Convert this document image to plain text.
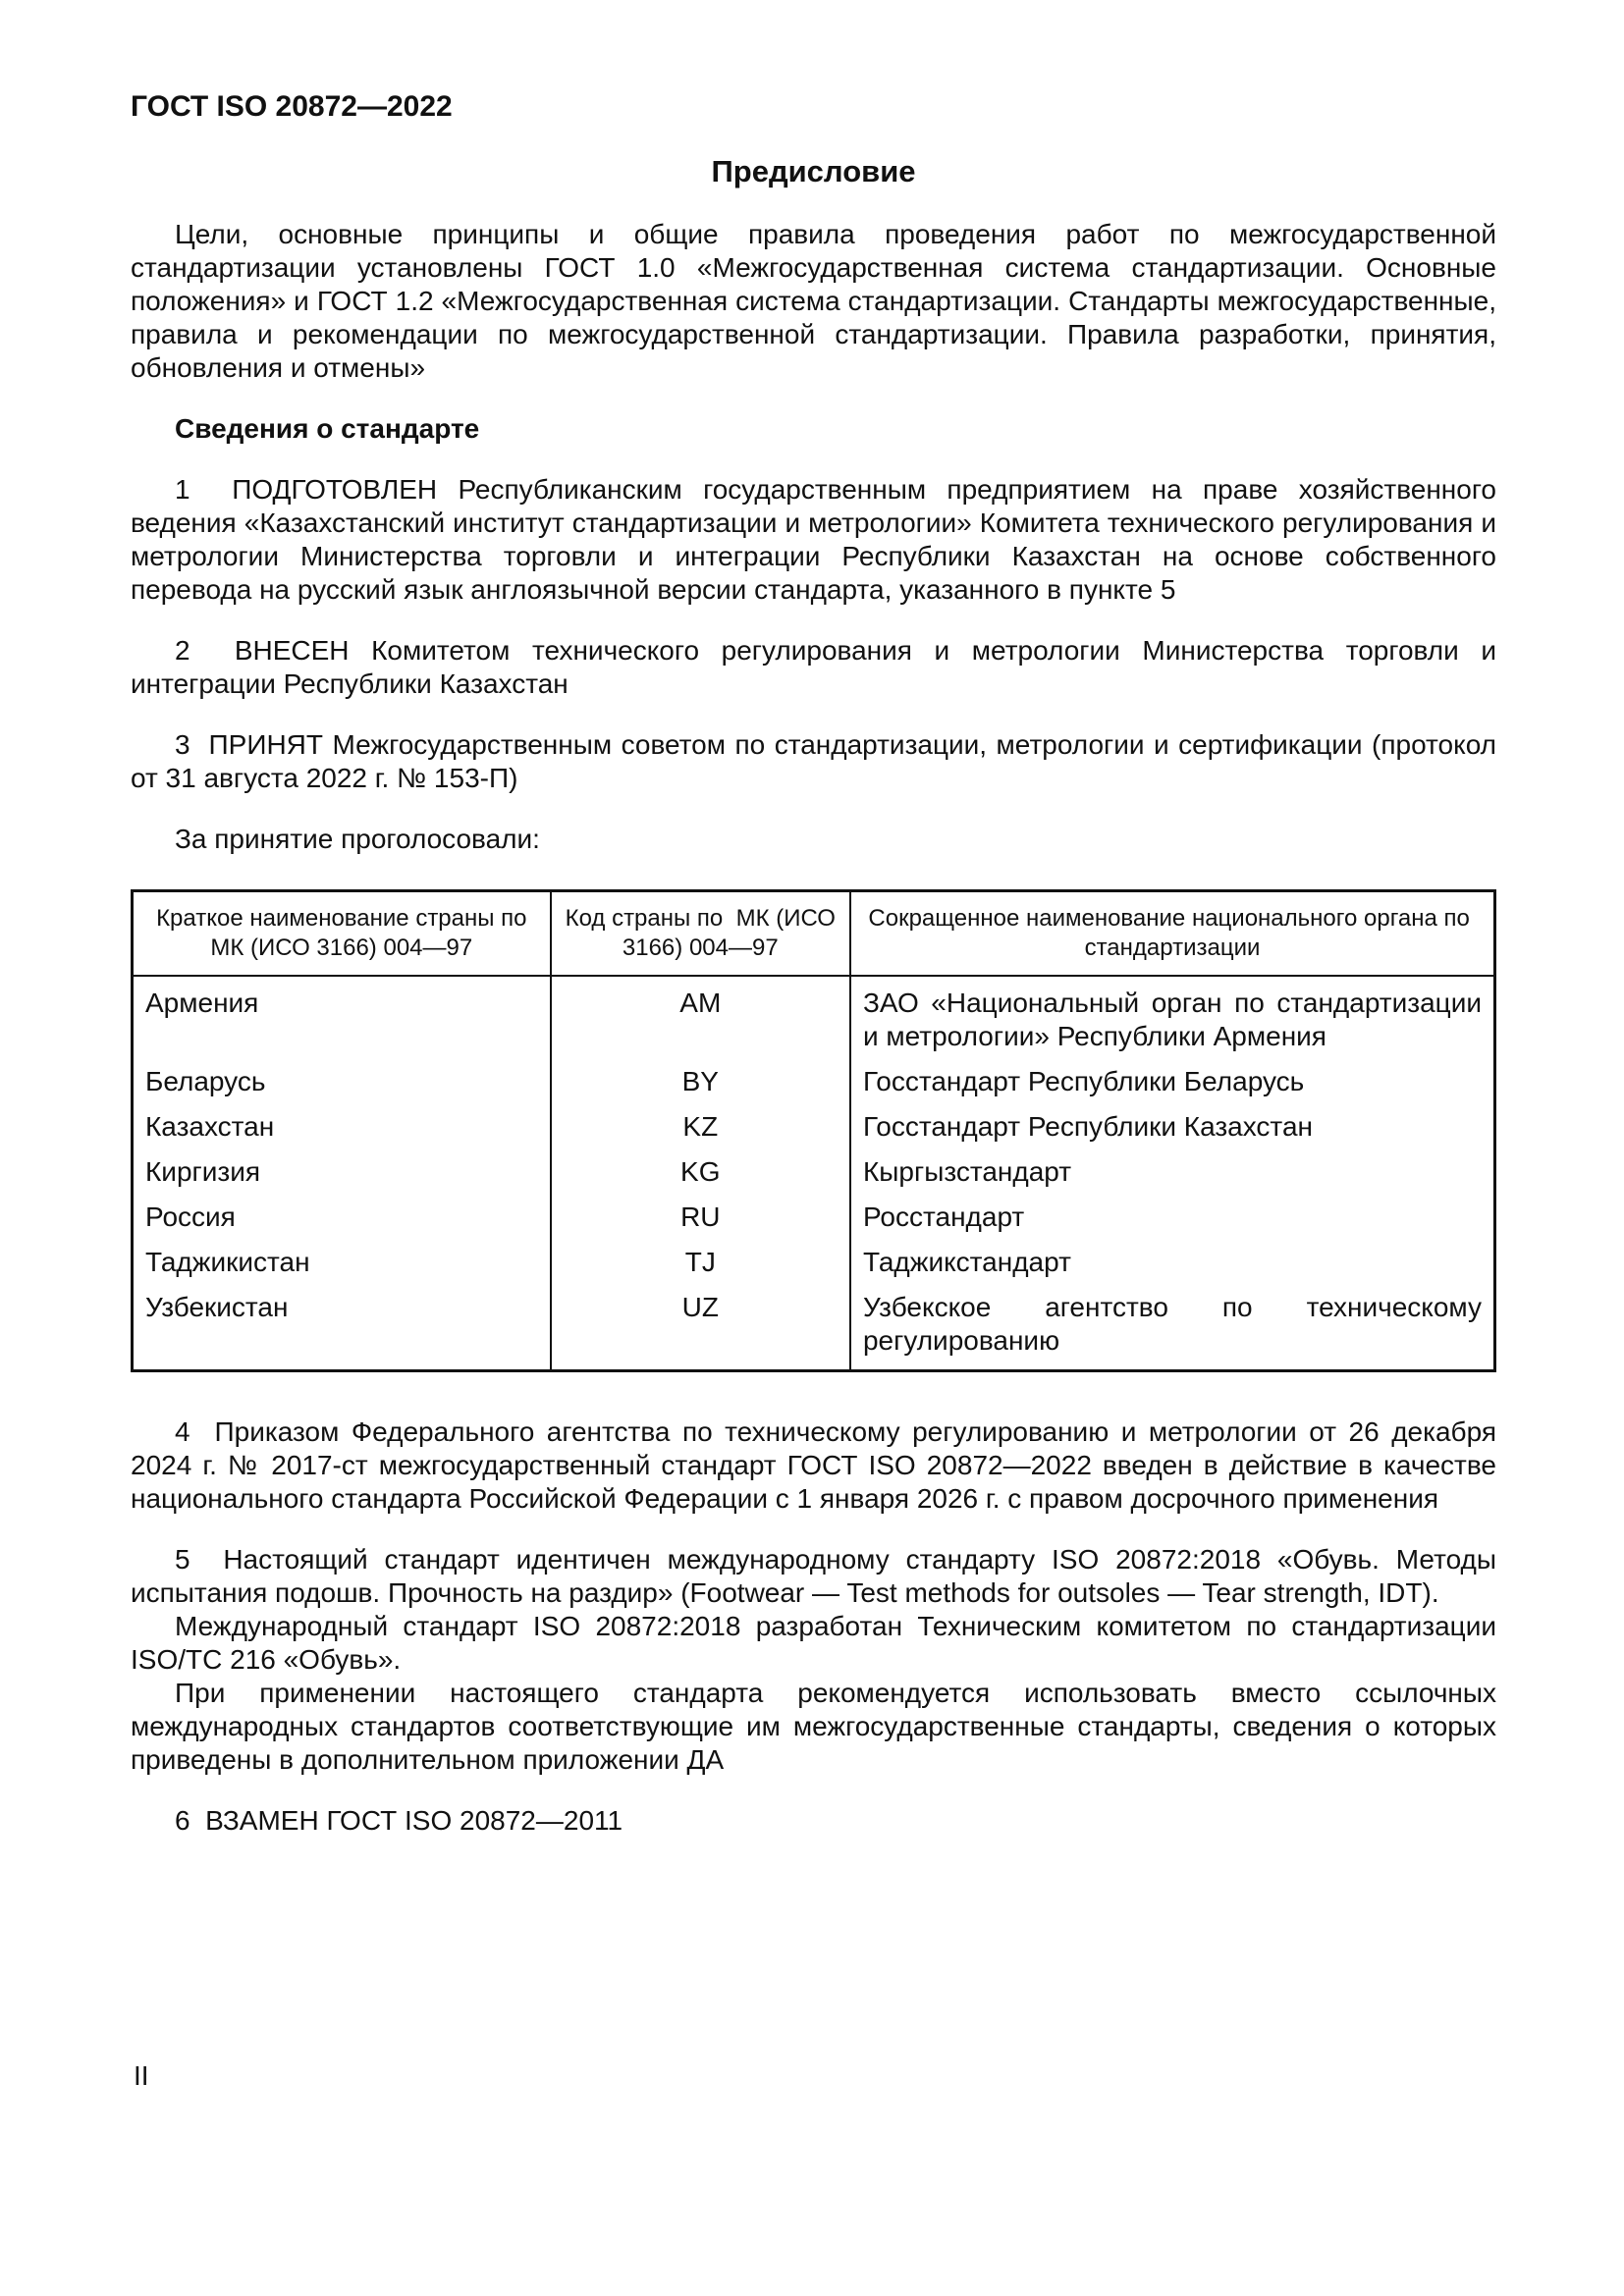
ГОСТ ISO 20872—2022
Предисловие

Цели, основные принципы и общие правила проведения работ по межгосударственной стандартизации установлены ГОСТ 1.0 «Межгосударственная система стандартизации. Основные положения» и ГОСТ 1.2 «Межгосударственная система стандартизации. Стандарты межгосударственные, правила и рекомендации по межгосударственной стандартизации. Правила разработки, принятия, обновления и отмены»

Сведения о стандарте

1  ПОДГОТОВЛЕН Республиканским государственным предприятием на праве хозяйственного ведения «Казахстанский институт стандартизации и метрологии» Комитета технического регулирования и метрологии Министерства торговли и интеграции Республики Казахстан на основе собственного перевода на русский язык англоязычной версии стандарта, указанного в пункте 5

2  ВНЕСЕН Комитетом технического регулирования и метрологии Министерства торговли и интеграции Республики Казахстан

3  ПРИНЯТ Межгосударственным советом по стандартизации, метрологии и сертификации (протокол от 31 августа 2022 г. № 153-П)

За принятие проголосовали:

Краткое наименование страны по МК (ИСО 3166) 004—97	Код страны по  МК (ИСО 3166) 004—97	Сокращенное наименование национального органа по  стандартизации
Армения	AM	ЗАО «Национальный орган по стандартизации и метрологии» Республики Армения
Беларусь	BY	Госстандарт Республики Беларусь
Казахстан	KZ	Госстандарт Республики Казахстан
Киргизия	KG	Кыргызстандарт
Россия	RU	Росстандарт
Таджикистан	TJ	Таджикстандарт
Узбекистан	UZ	Узбекское агентство по техническому регулированию

4  Приказом Федерального агентства по техническому регулированию и метрологии от 26 декабря 2024 г. № 2017-ст межгосударственный стандарт ГОСТ ISO 20872—2022 введен в действие в качестве национального стандарта Российской Федерации с 1 января 2026 г. с правом досрочного применения

5  Настоящий стандарт идентичен международному стандарту ISO 20872:2018 «Обувь. Методы испытания подошв. Прочность на раздир» (Footwear — Test methods for outsoles — Tear strength, IDT).

Международный стандарт ISO 20872:2018 разработан Техническим комитетом по стандартизации ISO/TC 216 «Обувь».

При применении настоящего стандарта рекомендуется использовать вместо ссылочных международных стандартов соответствующие им межгосударственные стандарты, сведения о которых приведены в дополнительном приложении ДА

6  ВЗАМЕН ГОСТ ISO 20872—2011

II
